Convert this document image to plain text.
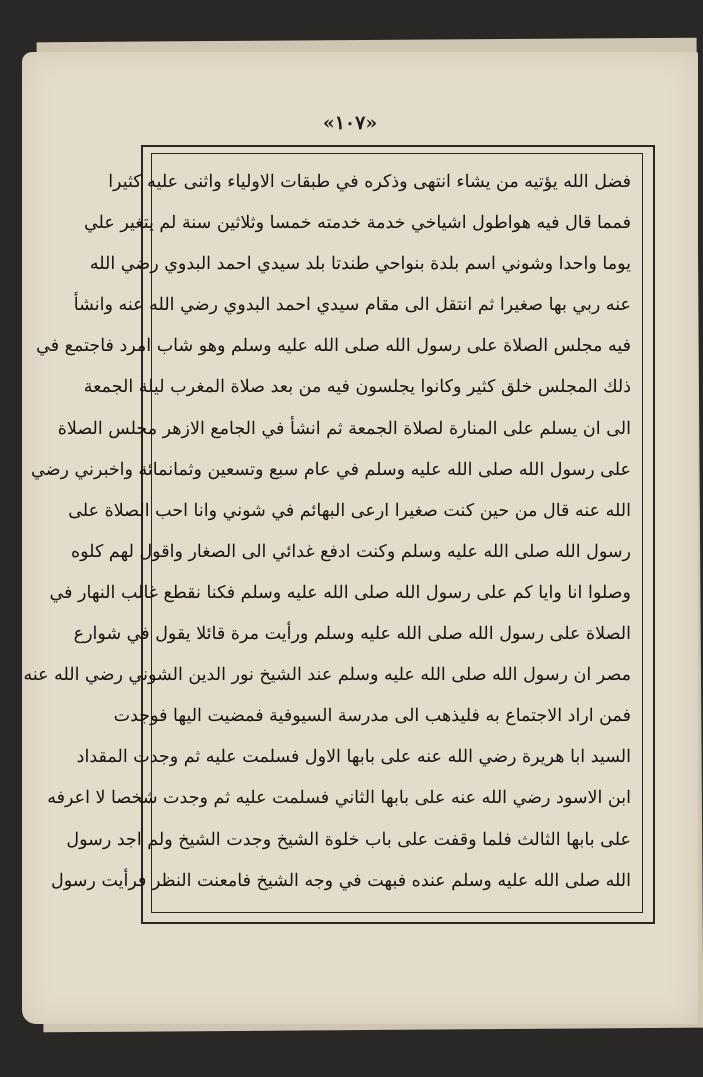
«١٠٧»
فضل الله يؤتيه من يشاء انتهى وذكره في طبقات الاولياء واثنى عليه كثيرا
فمما قال فيه هواطول اشياخي خدمة خدمته خمسا وثلاثين سنة لم يتغير علي
يوما واحدا وشوني اسم بلدة بنواحي طندتا بلد سيدي احمد البدوي رضي الله
عنه ربي بها صغيرا ثم انتقل الى مقام سيدي احمد البدوي رضي الله عنه وانشأ
فيه مجلس الصلاة على رسول الله صلى الله عليه وسلم وهو شاب امرد فاجتمع في
ذلك المجلس خلق كثير وكانوا يجلسون فيه من بعد صلاة المغرب ليلة الجمعة
الى ان يسلم على المنارة لصلاة الجمعة ثم انشأ في الجامع الازهر مجلس الصلاة
على رسول الله صلى الله عليه وسلم في عام سبع وتسعين وثمانمائة واخبرني رضي
الله عنه قال من حين كنت صغيرا ارعى البهائم في شوني وانا احب الصلاة على
رسول الله صلى الله عليه وسلم وكنت ادفع غدائي الى الصغار واقول لهم كلوه
وصلوا انا وايا كم على رسول الله صلى الله عليه وسلم فكنا نقطع غالب النهار في
الصلاة على رسول الله صلى الله عليه وسلم ورأيت مرة قائلا يقول في شوارع
مصر ان رسول الله صلى الله عليه وسلم عند الشيخ نور الدين الشوني رضي الله عنه
فمن اراد الاجتماع به فليذهب الى مدرسة السيوفية فمضيت اليها فوجدت
السيد ابا هريرة رضي الله عنه على بابها الاول فسلمت عليه ثم وجدت المقداد
ابن الاسود رضي الله عنه على بابها الثاني فسلمت عليه ثم وجدت شخصا لا اعرفه
على بابها الثالث فلما وقفت على باب خلوة الشيخ وجدت الشيخ ولم اجد رسول
الله صلى الله عليه وسلم عنده فبهت في وجه الشيخ فامعنت النظر فرأيت رسول
